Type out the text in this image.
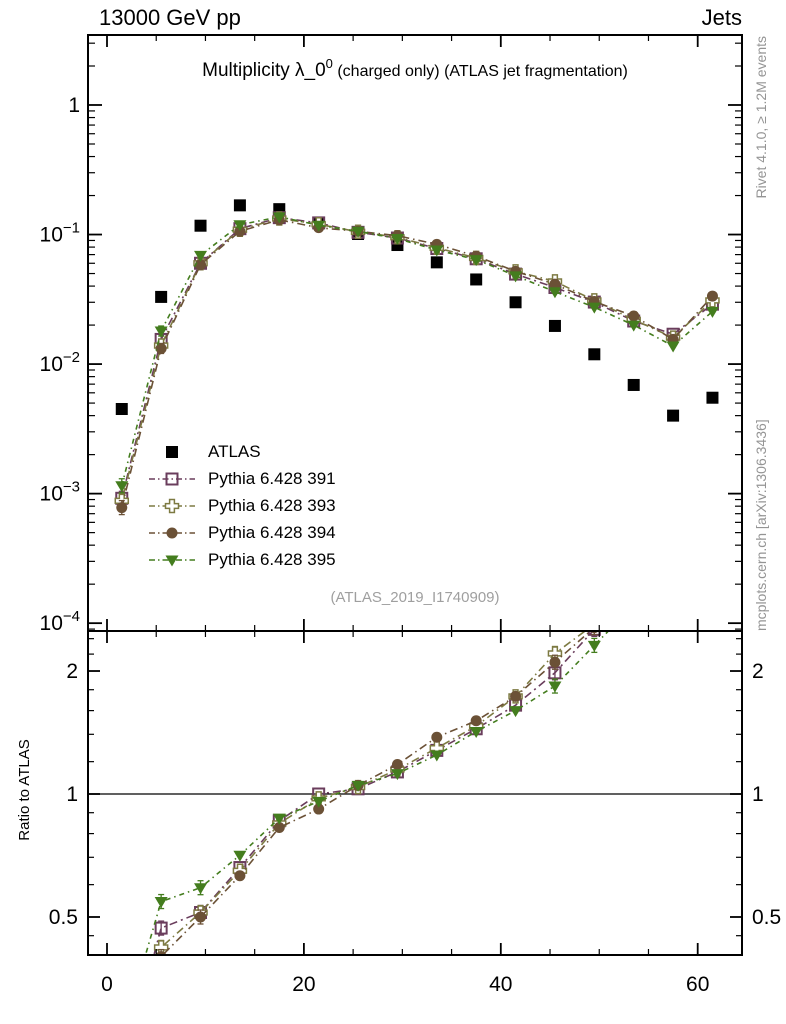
13000 GeV pp	Jets
0	20	40	60
1
$10^{-1}$
$10^{-2}$
$10^{-3}$
$10^{-4}$
2	2
1	1
0.5	0.5
Multiplicity $\lambda\_0^0$ (charged only) (ATLAS jet fragmentation)
ATLAS
Pythia 6.428 391
Pythia 6.428 393
Pythia 6.428 394
Pythia 6.428 395
(ATLAS_2019_I1740909)
Rivet 4.1.0, ≥ 1.2M events
mcplots.cern.ch [arXiv:1306.3436]
Ratio to ATLAS
